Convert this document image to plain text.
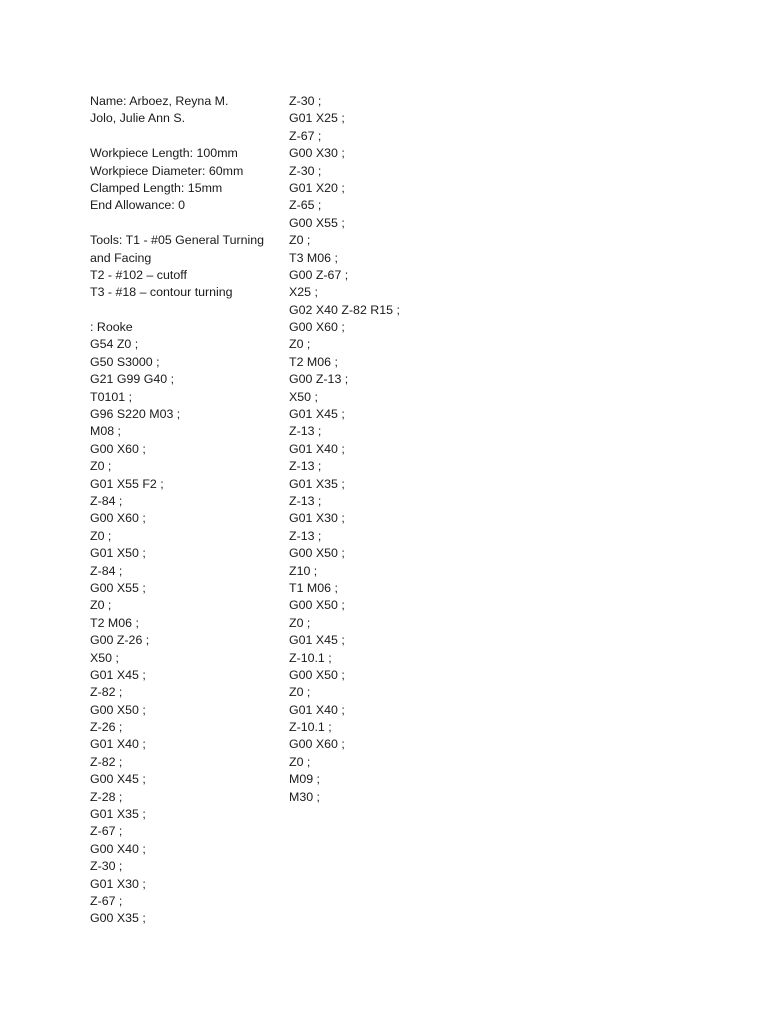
Name: Arboez, Reyna M.
Jolo, Julie Ann S.
Workpiece Length: 100mm
Workpiece Diameter: 60mm
Clamped Length: 15mm
End Allowance: 0
Tools: T1 - #05 General Turning
and Facing
T2 - #102 – cutoff
T3 - #18 – contour turning
: Rooke
G54 Z0 ;
G50 S3000 ;
G21 G99 G40 ;
T0101 ;
G96 S220 M03 ;
M08 ;
G00 X60 ;
Z0 ;
G01 X55 F2 ;
Z-84 ;
G00 X60 ;
Z0 ;
G01 X50 ;
Z-84 ;
G00 X55 ;
Z0 ;
T2 M06 ;
G00 Z-26 ;
X50 ;
G01 X45 ;
Z-82 ;
G00 X50 ;
Z-26 ;
G01 X40 ;
Z-82 ;
G00 X45 ;
Z-28 ;
G01 X35 ;
Z-67 ;
G00 X40 ;
Z-30 ;
G01 X30 ;
Z-67 ;
G00 X35 ;
Z-30 ;
G01 X25 ;
Z-67 ;
G00 X30 ;
Z-30 ;
G01 X20 ;
Z-65 ;
G00 X55 ;
Z0 ;
T3 M06 ;
G00 Z-67 ;
X25 ;
G02 X40 Z-82 R15 ;
G00 X60 ;
Z0 ;
T2 M06 ;
G00 Z-13 ;
X50 ;
G01 X45 ;
Z-13 ;
G01 X40 ;
Z-13 ;
G01 X35 ;
Z-13 ;
G01 X30 ;
Z-13 ;
G00 X50 ;
Z10 ;
T1 M06 ;
G00 X50 ;
Z0 ;
G01 X45 ;
Z-10.1 ;
G00 X50 ;
Z0 ;
G01 X40 ;
Z-10.1 ;
G00 X60 ;
Z0 ;
M09 ;
M30 ;
